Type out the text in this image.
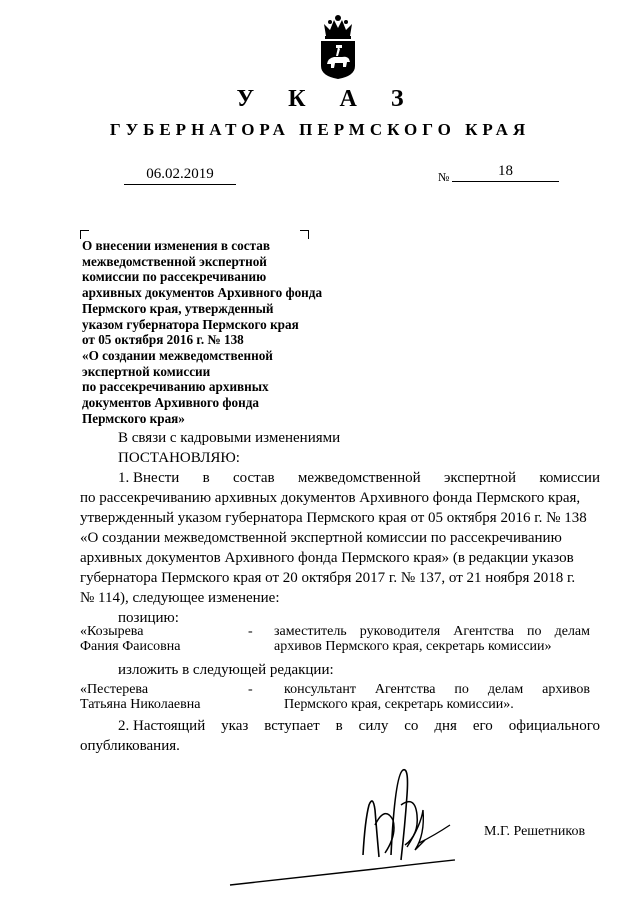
У К А З
ГУБЕРНАТОРА ПЕРМСКОГО КРАЯ
06.02.2019	№	18
О внесении изменения в состав
межведомственной экспертной
комиссии по рассекречиванию
архивных документов Архивного фонда
Пермского края, утвержденный
указом губернатора Пермского края
от 05 октября 2016 г. № 138
«О создании межведомственной
экспертной комиссии
по рассекречиванию архивных
документов Архивного фонда
Пермского края»
В связи с кадровыми изменениями
ПОСТАНОВЛЯЮ:
1. Внести в состав межведомственной экспертной комиссии
по рассекречиванию архивных документов Архивного фонда Пермского края,
утвержденный указом губернатора Пермского края от 05 октября 2016 г. № 138
«О создании межведомственной экспертной комиссии по рассекречиванию
архивных документов Архивного фонда Пермского края» (в редакции указов
губернатора Пермского края от 20 октября 2017 г. № 137, от 21 ноября 2018 г.
№ 114), следующее изменение:
позицию:
«Козырева
Фания Фаисовна
- заместитель руководителя Агентства по делам
архивов Пермского края, секретарь комиссии»
изложить в следующей редакции:
«Пестерева
Татьяна Николаевна
- консультант Агентства по делам архивов
Пермского края, секретарь комиссии».
2. Настоящий указ вступает в силу со дня его официального
опубликования.
М.Г. Решетников
